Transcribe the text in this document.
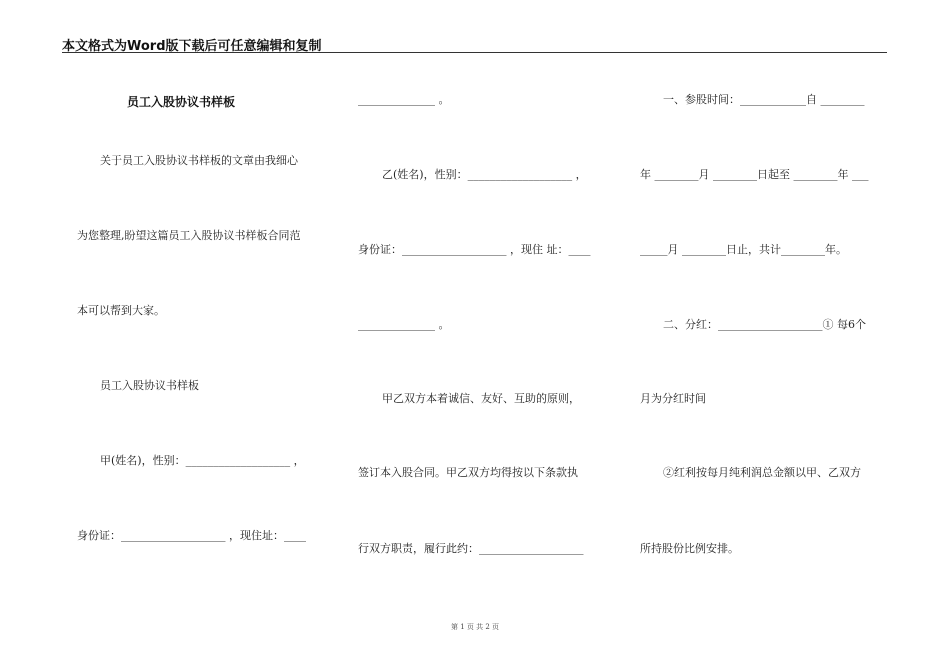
本文格式为Word版下载后可任意编辑和复制
员工入股协议书样板
关于员工入股协议书样板的文章由我细心
为您整理,盼望这篇员工入股协议书样板合同范
本可以帮到大家。
员工入股协议书样板
甲(姓名)，性别：___________________ ，
身份证：___________________ ，现住址：____
______________ 。
乙(姓名)，性别：___________________ ，
身份证：___________________ ，现住 址：____
______________ 。
甲乙双方本着诚信、友好、互助的原则，
签订本入股合同。甲乙双方均得按以下条款执
行双方职责，履行此约：___________________
一、参股时间：____________自 ________
年 ________月 ________日起至 ________年 ___
_____月 ________日止，共计________年。
二、分红：___________________① 每6个
月为分红时间
②红利按每月纯利润总金额以甲、乙双方
所持股份比例安排。
第 1 页 共 2 页
